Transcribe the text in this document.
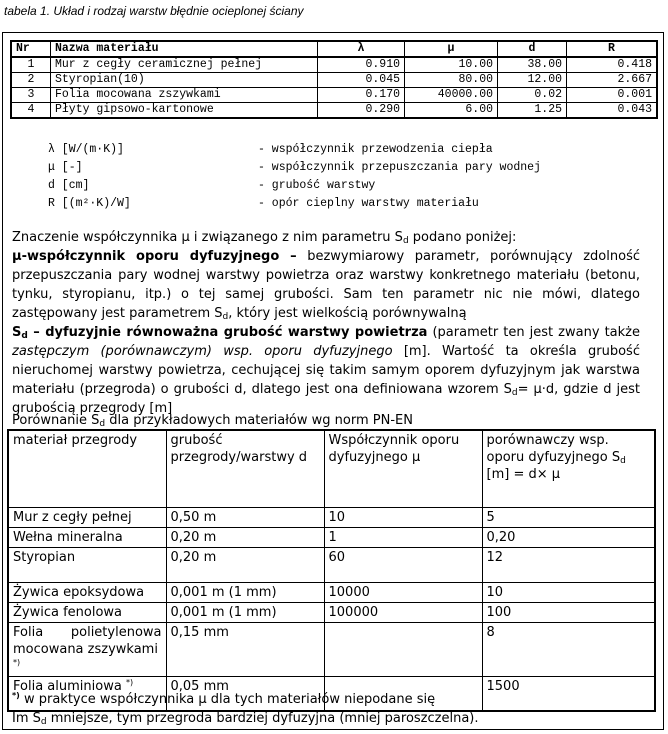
tabela 1. Układ i rodzaj warstw błędnie ocieplonej ściany
Nr	Nazwa materiału	λ	μ	d	R
1	Mur z cegły ceramicznej pełnej	0.910	10.00	38.00	0.418
2	Styropian(10)	0.045	80.00	12.00	2.667
3	Folia mocowana zszywkami	0.170	40000.00	0.02	0.001
4	Płyty gipsowo-kartonowe	0.290	6.00	1.25	0.043
λ [W/(m·K)]	- współczynnik przewodzenia ciepła
μ [-]	- współczynnik przepuszczania pary wodnej
d [cm]	- grubość warstwy
R [(m²·K)/W]	- opór cieplny warstwy materiału

Znaczenie współczynnika μ i związanego z nim parametru $S_d$ podano poniżej:

μ-współczynnik oporu dyfuzyjnego – bezwymiarowy parametr, porównujący zdolność przepuszczania pary wodnej warstwy powietrza oraz warstwy konkretnego materiału (betonu, tynku, styropianu, itp.) o tej samej grubości. Sam ten parametr nic nie mówi, dlatego zastępowany jest parametrem $S_d$, który jest wielkością porównywalną

$S_d$ – dyfuzyjnie równoważna grubość warstwy powietrza (parametr ten jest zwany także zastępczym (porównawczym) wsp. oporu dyfuzyjnego [m]. Wartość ta określa grubość nieruchomej warstwy powietrza, cechującej się takim samym oporem dyfuzyjnym jak warstwa materiału (przegroda) o grubości d, dlatego jest ona definiowana wzorem $S_d= \mu\cdot d$, gdzie d jest grubością przegrody [m]

Porównanie $S_d$ dla przykładowych materiałów wg norm PN-EN
materiał przegrody	grubość przegrody/warstwy d	Współczynnik oporu dyfuzyjnego μ	porównawczy wsp. oporu dyfuzyjnego $S_d$
[m] = d× μ
Mur z cegły pełnej	0,50 m	10	5
Wełna mineralna	0,20 m	1	0,20
Styropian	0,20 m	60	12
Żywica epoksydowa	0,001 m (1 mm)	10000	10
Żywica fenolowa	0,001 m (1 mm)	100000	100

Folia polietylenowa
mocowana zszywkami *)	0,15 mm		8
Folia aluminiowa *)	0,05 mm		1500
*) w praktyce współczynnika μ dla tych materiałów niepodane się
Im $S_d$ mniejsze, tym przegroda bardziej dyfuzyjna (mniej paroszczelna).
